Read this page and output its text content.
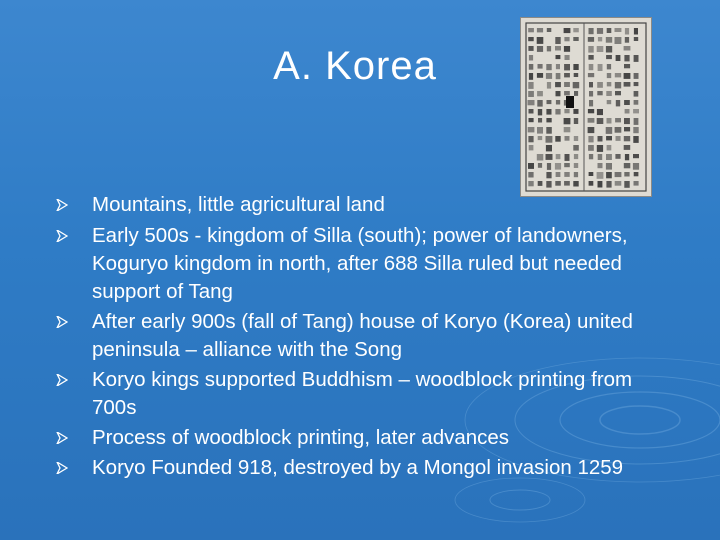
A. Korea
Mountains, little agricultural land
Early 500s - kingdom of Silla (south); power of landowners, Koguryo kingdom in north, after 688 Silla ruled but needed support of Tang
After early 900s (fall of Tang) house of Koryo (Korea) united peninsula – alliance with the Song
Koryo kings supported Buddhism – woodblock printing from 700s
Process of woodblock printing, later advances
Koryo Founded 918, destroyed by a Mongol invasion 1259
